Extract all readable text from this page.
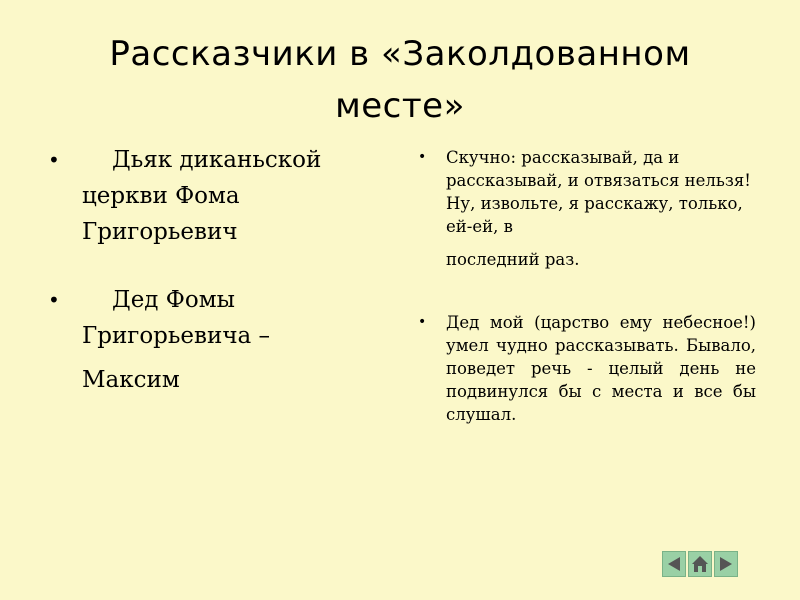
Рассказчики в «Заколдованном
месте»
• Дьяк диканьской
церкви Фома
Григорьевич
• Дед Фомы
Григорьевича –
Максим
• Скучно: рассказывай, да и рассказывай, и отвязаться нельзя! Ну, извольте, я расскажу, только, ей-ей, в
последний раз.
• Дед мой (царство ему небесное!) умел чудно рассказывать. Бывало, поведет речь - целый день не подвинулся бы с места и все бы слушал.
